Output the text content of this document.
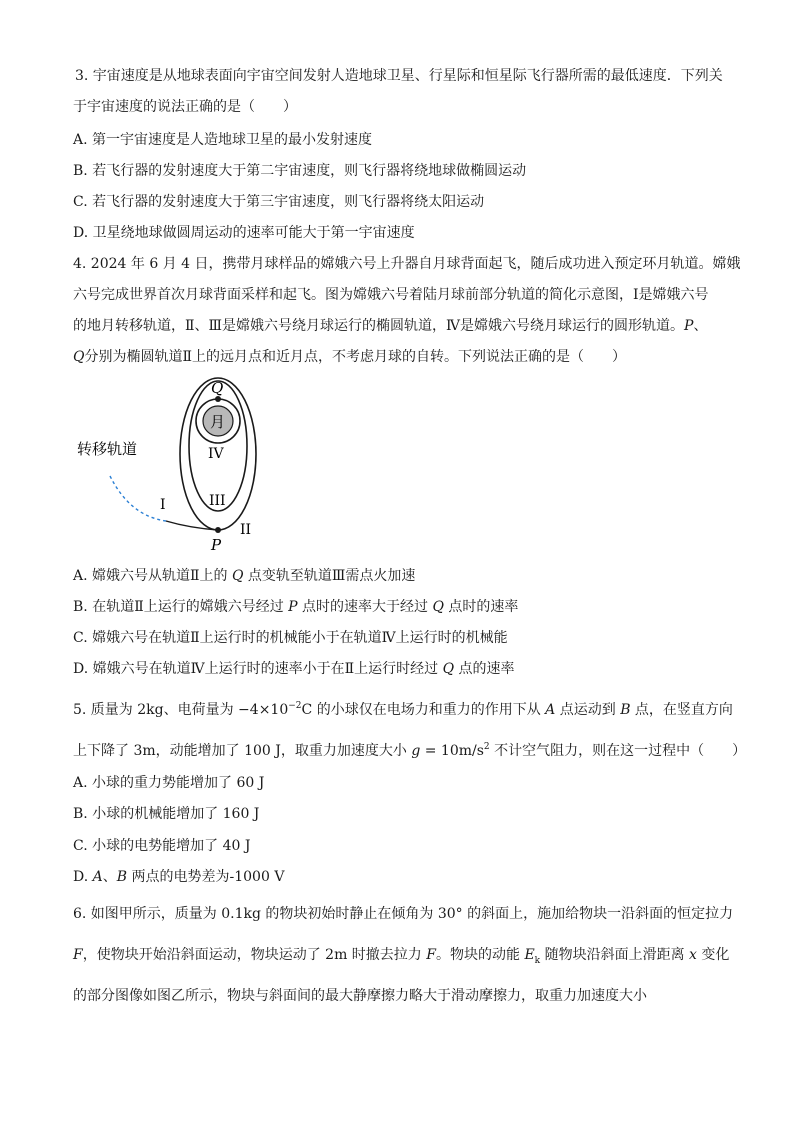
3. 宇宙速度是从地球表面向宇宙空间发射人造地球卫星、行星际和恒星际飞行器所需的最低速度．下列关
于宇宙速度的说法正确的是（　　）
A. 第一宇宙速度是人造地球卫星的最小发射速度
B. 若飞行器的发射速度大于第二宇宙速度，则飞行器将绕地球做椭圆运动
C. 若飞行器的发射速度大于第三宇宙速度，则飞行器将绕太阳运动
D. 卫星绕地球做圆周运动的速率可能大于第一宇宙速度
4. 2024 年 6 月 4 日，携带月球样品的嫦娥六号上升器自月球背面起飞，随后成功进入预定环月轨道。嫦娥
六号完成世界首次月球背面采样和起飞。图为嫦娥六号着陆月球前部分轨道的简化示意图，Ⅰ是嫦娥六号
的地月转移轨道，Ⅱ、Ⅲ是嫦娥六号绕月球运行的椭圆轨道，Ⅳ是嫦娥六号绕月球运行的圆形轨道。P、
Q分别为椭圆轨道Ⅱ上的远月点和近月点，不考虑月球的自转。下列说法正确的是（　　）
Q
P
月
IV
III
I
II
转移轨道
A. 嫦娥六号从轨道Ⅱ上的 Q 点变轨至轨道Ⅲ需点火加速
B. 在轨道Ⅱ上运行的嫦娥六号经过 P 点时的速率大于经过 Q 点时的速率
C. 嫦娥六号在轨道Ⅱ上运行时的机械能小于在轨道Ⅳ上运行时的机械能
D. 嫦娥六号在轨道Ⅳ上运行时的速率小于在Ⅱ上运行时经过 Q 点的速率
5. 质量为 2kg、电荷量为 $-4\times 10^{-2}C$ 的小球仅在电场力和重力的作用下从 A 点运动到 B 点，在竖直方向
上下降了 3m，动能增加了 100 J，取重力加速度大小 $g = 10m/s^2$ 不计空气阻力，则在这一过程中（　　）
A. 小球的重力势能增加了 60 J
B. 小球的机械能增加了 160 J
C. 小球的电势能增加了 40 J
D. A、B 两点的电势差为-1000 V
6. 如图甲所示，质量为 0.1kg 的物块初始时静止在倾角为 30° 的斜面上，施加给物块一沿斜面的恒定拉力
F，使物块开始沿斜面运动，物块运动了 2m 时撤去拉力 F。物块的动能 $E_k$ 随物块沿斜面上滑距离 x 变化
的部分图像如图乙所示，物块与斜面间的最大静摩擦力略大于滑动摩擦力，取重力加速度大小
